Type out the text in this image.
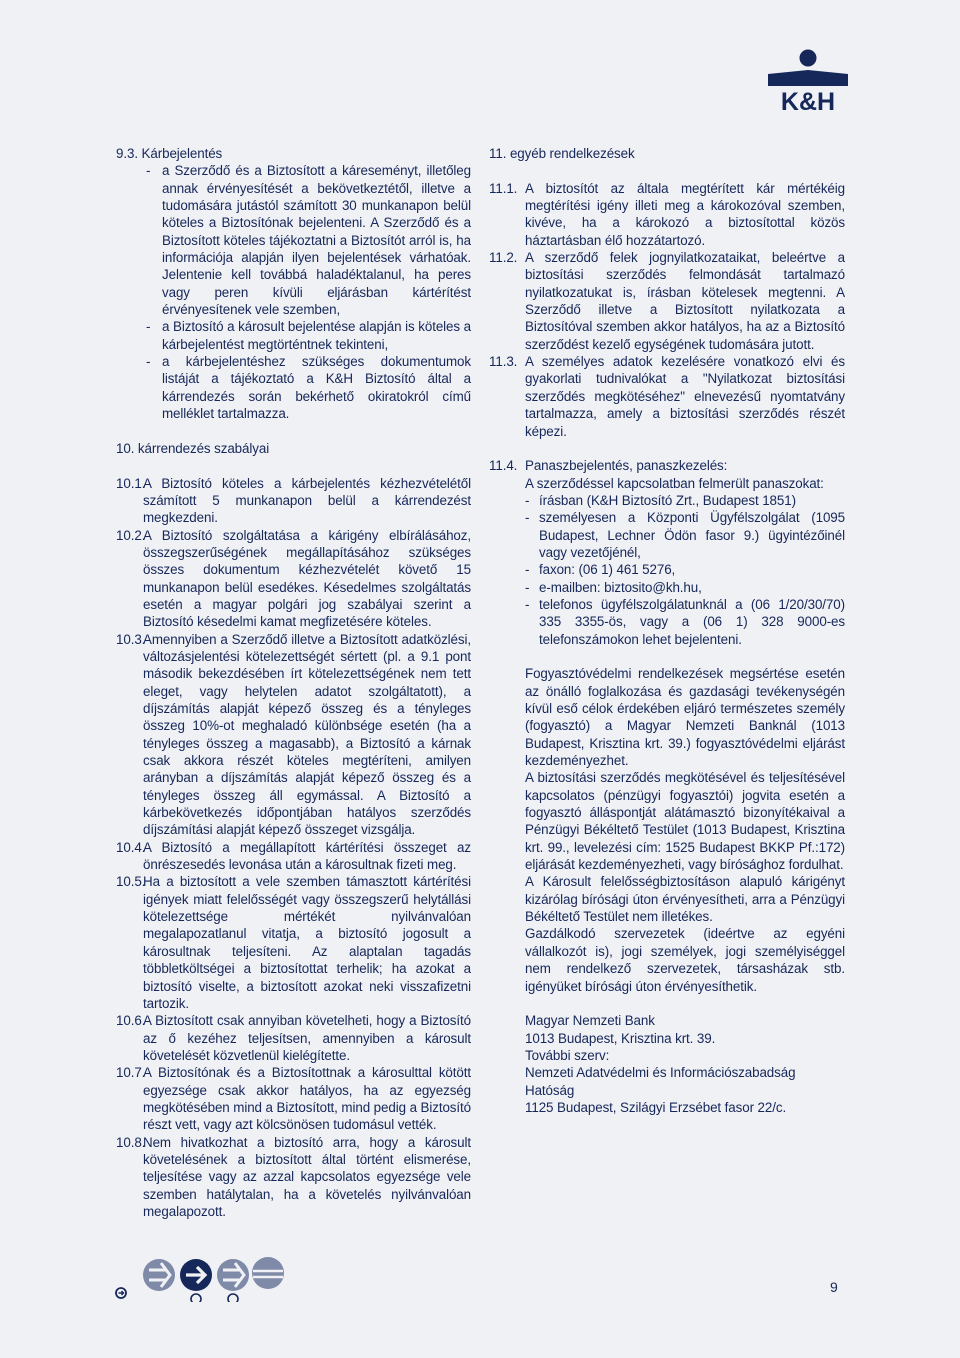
K&H

9.3. Kárbejelentés

- a Szerződő és a Biztosított a káreseményt, illetőleg annak érvényesítését a bekövetkeztétől, illetve a tudomására jutástól számított 30 munkanapon belül köteles a Biztosítónak bejelenteni. A Szerződő és a Biztosított köteles tájékoztatni a Biztosítót arról is, ha információja alapján ilyen bejelentések várhatóak. Jelentenie kell továbbá haladéktalanul, ha peres vagy peren kívüli eljárásban kártérítést érvényesítenek vele szemben,
- a Biztosító a károsult bejelentése alapján is köteles a kárbejelentést megtörténtnek tekinteni,
- a kárbejelentéshez szükséges dokumentumok listáját a tájékoztató a K&H Biztosító által a kárrendezés során bekérhető okiratokról című melléklet tartalmazza.

10. kárrendezés szabályai

10.1.
A Biztosító köteles a kárbejelentés kézhezvételétől számított 5 munkanapon belül a kárrendezést megkezdeni.
10.2.
A Biztosító szolgáltatása a kárigény elbírálásához, összegszerűségének megállapításához szükséges összes dokumentum kézhezvételét követő 15 munkanapon belül esedékes. Késedelmes szolgáltatás esetén a magyar polgári jog szabályai szerint a Biztosító késedelmi kamat megfizetésére köteles.
10.3.
Amennyiben a Szerződő illetve a Biztosított adatközlési, változásjelentési kötelezettségét sértett (pl. a 9.1 pont második bekezdésében írt kötelezettségének nem tett eleget, vagy helytelen adatot szolgáltatott), a díjszámítás alapját képező összeg és a tényleges összeg 10%-ot meghaladó különbsége esetén (ha a tényleges összeg a magasabb), a Biztosító a kárnak csak akkora részét köteles megtéríteni, amilyen arányban a díjszámítás alapját képező összeg és a tényleges összeg áll egymással. A Biztosító a kárbekövetkezés időpontjában hatályos szerződés díjszámítási alapját képező összeget vizsgálja.
10.4.
A Biztosító a megállapított kártérítési összeget az önrészesedés levonása után a károsultnak fizeti meg.
10.5.
Ha a biztosított a vele szemben támasztott kártérítési igények miatt felelősségét vagy összegszerű helytállási kötelezettsége mértékét nyilvánvalóan megalapozatlanul vitatja, a biztosító jogosult a károsultnak teljesíteni. Az alaptalan tagadás többletköltségei a biztosítottat terhelik; ha azokat a biztosító viselte, a biztosított azokat neki visszafizetni tartozik.
10.6.
A Biztosított csak annyiban követelheti, hogy a Biztosító az ő kezéhez teljesítsen, amennyiben a károsult követelését közvetlenül kielégítette.
10.7.
A Biztosítónak és a Biztosítottnak a károsulttal kötött egyezsége csak akkor hatályos, ha az egyezség megkötésében mind a Biztosított, mind pedig a Biztosító részt vett, vagy azt kölcsönösen tudomásul vették.
10.8.
Nem hivatkozhat a biztosító arra, hogy a károsult követelésének a biztosított által történt elismerése, teljesítése vagy az azzal kapcsolatos egyezsége vele szemben hatálytalan, ha a követelés nyilvánvalóan megalapozott.

11. egyéb rendelkezések

11.1. A biztosítót az általa megtérített kár mértékéig megtérítési igény illeti meg a károkozóval szemben, kivéve, ha a károkozó a biztosítottal közös háztartásban élő hozzátartozó.
11.2. A szerződő felek jognyilatkozataikat, beleértve a biztosítási szerződés felmondását tartalmazó nyilatkozatukat is, írásban kötelesek megtenni. A Szerződő illetve a Biztosított nyilatkozata a Biztosítóval szemben akkor hatályos, ha az a Biztosító szerződést kezelő egységének tudomására jutott.
11.3. A személyes adatok kezelésére vonatkozó elvi és gyakorlati tudnivalókat a "Nyilatkozat biztosítási szerződés megkötéséhez" elnevezésű nyomtatvány tartalmazza, amely a biztosítási szerződés részét képezi.
11.4. Panaszbejelentés, panaszkezelés:
A szerződéssel kapcsolatban felmerült panaszokat:
- írásban (K&H Biztosító Zrt., Budapest 1851)
- személyesen a Központi Ügyfélszolgálat (1095 Budapest, Lechner Ödön fasor 9.) ügyintézőinél vagy vezetőjénél,
- faxon: (06 1) 461 5276,
- e-mailben: biztosito@kh.hu,
- telefonos ügyfélszolgálatunknál a (06 1/20/30/70) 335 3355-ös, vagy a (06 1) 328 9000-es telefonszámokon lehet bejelenteni.

Fogyasztóvédelmi rendelkezések megsértése esetén az önálló foglalkozása és gazdasági tevékenységén kívül eső célok érdekében eljáró természetes személy (fogyasztó) a Magyar Nemzeti Banknál (1013 Budapest, Krisztina krt. 39.) fogyasztóvédelmi eljárást kezdeményezhet.

A biztosítási szerződés megkötésével és teljesítésével kapcsolatos (pénzügyi fogyasztói) jogvita esetén a fogyasztó álláspontját alátámasztó bizonyítékaival a Pénzügyi Békéltető Testület (1013 Budapest, Krisztina krt. 99., levelezési cím: 1525 Budapest BKKP Pf.:172) eljárását kezdeményezheti, vagy bírósághoz fordulhat.

A Károsult felelősségbiztosításon alapuló kárigényt kizárólag bírósági úton érvényesítheti, arra a Pénzügyi Békéltető Testület nem illetékes.

Gazdálkodó szervezetek (ideértve az egyéni vállalkozót is), jogi személyek, jogi személyiséggel nem rendelkező szervezetek, társasházak stb. igényüket bírósági úton érvényesíthetik.

Magyar Nemzeti Bank
1013 Budapest, Krisztina krt. 39.
További szerv:
Nemzeti Adatvédelmi és Információszabadság Hatóság
1125 Budapest, Szilágyi Erzsébet fasor 22/c.
9
